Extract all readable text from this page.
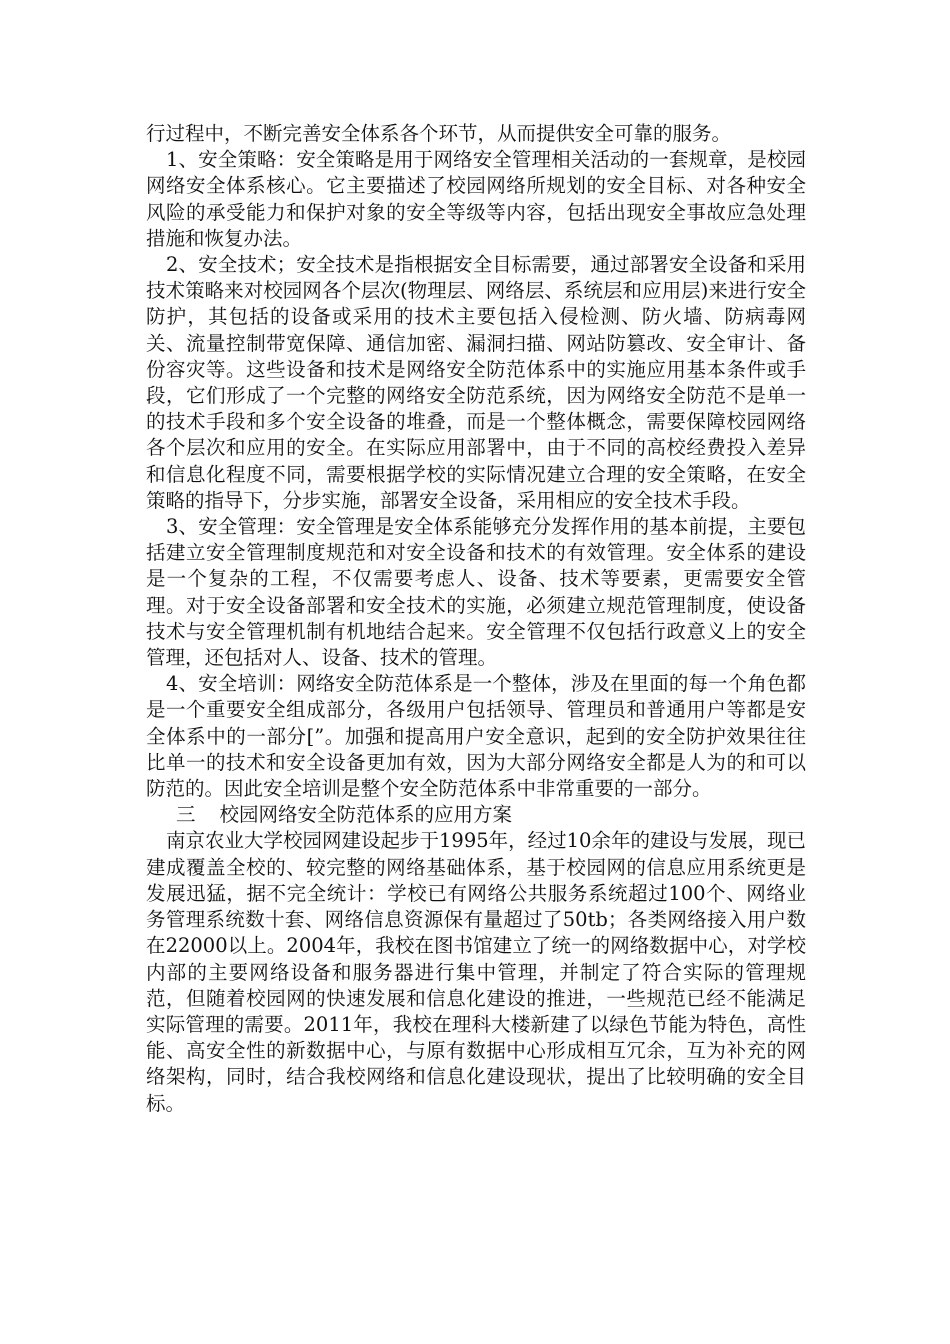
行过程中，不断完善安全体系各个环节，从而提供安全可靠的服务。

1、安全策略：安全策略是用于网络安全管理相关活动的一套规章，是校园网络安全体系核心。它主要描述了校园网络所规划的安全目标、对各种安全风险的承受能力和保护对象的安全等级等内容，包括出现安全事故应急处理措施和恢复办法。

2、安全技术；安全技术是指根据安全目标需要，通过部署安全设备和采用技术策略来对校园网各个层次(物理层、网络层、系统层和应用层)来进行安全防护，其包括的设备或采用的技术主要包括入侵检测、防火墙、防病毒网关、流量控制带宽保障、通信加密、漏洞扫描、网站防篡改、安全审计、备份容灾等。这些设备和技术是网络安全防范体系中的实施应用基本条件或手段，它们形成了一个完整的网络安全防范系统，因为网络安全防范不是单一的技术手段和多个安全设备的堆叠，而是一个整体概念，需要保障校园网络各个层次和应用的安全。在实际应用部署中，由于不同的高校经费投入差异和信息化程度不同，需要根据学校的实际情况建立合理的安全策略，在安全策略的指导下，分步实施，部署安全设备，采用相应的安全技术手段。

3、安全管理：安全管理是安全体系能够充分发挥作用的基本前提，主要包括建立安全管理制度规范和对安全设备和技术的有效管理。安全体系的建设是一个复杂的工程，不仅需要考虑人、设备、技术等要素，更需要安全管理。对于安全设备部署和安全技术的实施，必须建立规范管理制度，使设备技术与安全管理机制有机地结合起来。安全管理不仅包括行政意义上的安全管理，还包括对人、设备、技术的管理。

4、安全培训：网络安全防范体系是一个整体，涉及在里面的每一个角色都是一个重要安全组成部分，各级用户包括领导、管理员和普通用户等都是安全体系中的一部分[”。加强和提高用户安全意识，起到的安全防护效果往往比单一的技术和安全设备更加有效，因为大部分网络安全都是人为的和可以防范的。因此安全培训是整个安全防范体系中非常重要的一部分。

三 校园网络安全防范体系的应用方案

南京农业大学校园网建设起步于1995年，经过10余年的建设与发展，现已建成覆盖全校的、较完整的网络基础体系，基于校园网的信息应用系统更是发展迅猛，据不完全统计：学校已有网络公共服务系统超过100个、网络业务管理系统数十套、网络信息资源保有量超过了50tb；各类网络接入用户数在22000以上。2004年，我校在图书馆建立了统一的网络数据中心，对学校内部的主要网络设备和服务器进行集中管理，并制定了符合实际的管理规范，但随着校园网的快速发展和信息化建设的推进，一些规范已经不能满足实际管理的需要。2011年，我校在理科大楼新建了以绿色节能为特色，高性能、高安全性的新数据中心，与原有数据中心形成相互冗余，互为补充的网络架构，同时，结合我校网络和信息化建设现状，提出了比较明确的安全目标。
